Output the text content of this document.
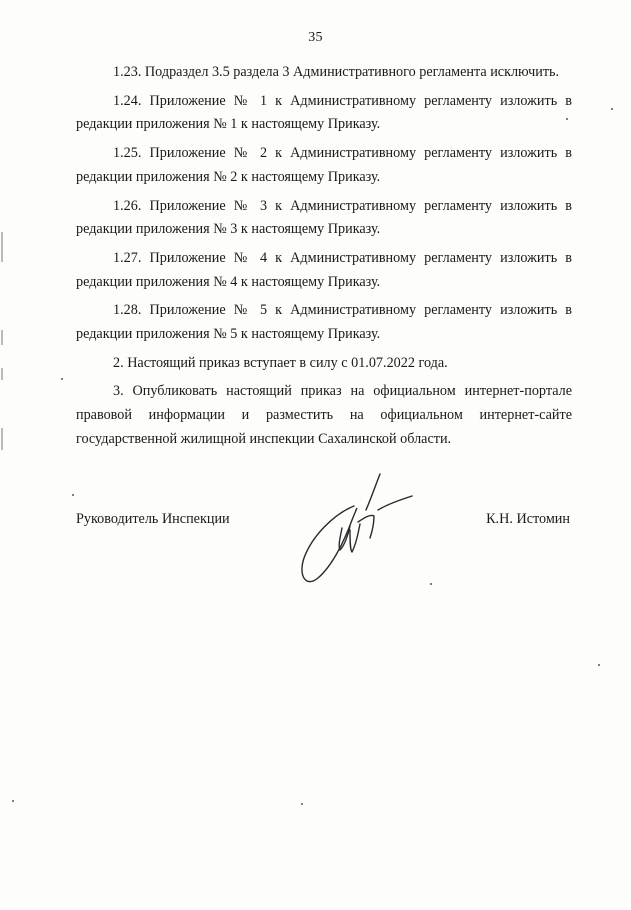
35

1.23. Подраздел 3.5 раздела 3 Административного регламента исключить.

1.24. Приложение № 1 к Административному регламенту изложить в редакции приложения № 1 к настоящему Приказу.

1.25. Приложение № 2 к Административному регламенту изложить в редакции приложения № 2 к настоящему Приказу.

1.26. Приложение № 3 к Административному регламенту изложить в редакции приложения № 3 к настоящему Приказу.

1.27. Приложение № 4 к Административному регламенту изложить в редакции приложения № 4 к настоящему Приказу.

1.28. Приложение № 5 к Административному регламенту изложить в редакции приложения № 5 к настоящему Приказу.

2. Настоящий приказ вступает в силу с 01.07.2022 года.

3. Опубликовать настоящий приказ на официальном интернет-портале правовой информации и разместить на официальном интернет-сайте государственной жилищной инспекции Сахалинской области.

Руководитель Инспекции	К.Н. Истомин
